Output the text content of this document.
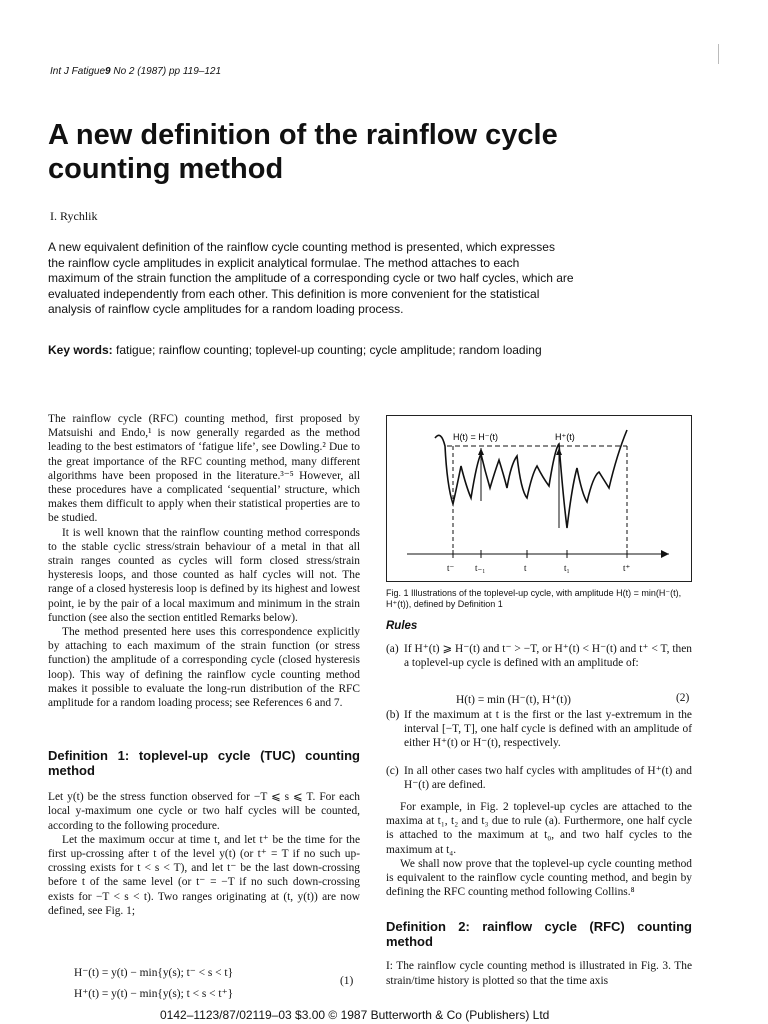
Int J Fatigue9 No 2 (1987) pp 119–121
A new definition of the rainflow cycle counting method
I. Rychlik

A new equivalent definition of the rainflow cycle counting method is presented, which expresses the rainflow cycle amplitudes in explicit analytical formulae. The method attaches to each maximum of the strain function the amplitude of a corresponding cycle or two half cycles, which are evaluated independently from each other. This definition is more convenient for the statistical analysis of rainflow cycle amplitudes for a random loading process.

Key words: fatigue; rainflow counting; toplevel-up counting; cycle amplitude; random loading

The rainflow cycle (RFC) counting method, first proposed by Matsuishi and Endo,¹ is now generally regarded as the method leading to the best estimators of ‘fatigue life’, see Dowling.² Due to the great importance of the RFC counting method, many different algorithms have been proposed in the literature.³⁻⁵ However, all these procedures have a complicated ‘sequential’ structure, which makes them difficult to apply when their statistical properties are to be studied.

It is well known that the rainflow counting method corresponds to the stable cyclic stress/strain behaviour of a metal in that all strain ranges counted as cycles will form closed stress/strain hysteresis loops, and those counted as half cycles will not. The range of a closed hysteresis loop is defined by its highest and lowest point, ie by the pair of a local maximum and minimum in the strain function (see also the section entitled Remarks below).

The method presented here uses this correspondence explicitly by attaching to each maximum of the strain function (or stress function) the amplitude of a corresponding cycle (closed hysteresis loop). This way of defining the rainflow cycle counting method makes it possible to evaluate the long-run distribution of the RFC amplitude for a random loading process; see References 6 and 7.

Definition 1: toplevel-up cycle (TUC) counting method

Let y(t) be the stress function observed for −T ⩽ s ⩽ T. For each local y-maximum one cycle or two half cycles will be counted, according to the following procedure.

Let the maximum occur at time t, and let t⁺ be the time for the first up-crossing after t of the level y(t) (or t⁺ = T if no such up-crossing exists for t < s < T), and let t⁻ be the last down-crossing before t of the same level (or t⁻ = −T if no such down-crossing exists for −T < s < t). Two ranges originating at (t, y(t)) are now defined, see Fig. 1;

H⁻(t) = y(t) − min{y(s); t⁻ < s < t}
H⁺(t) = y(t) − min{y(s); t < s < t⁺}
(1)
H(t) = H⁻(t)	H⁺(t)
t⁻ t₋₁	t	t₁	t⁺

Fig. 1 Illustrations of the toplevel-up cycle, with amplitude H(t) = min(H⁻(t), H⁺(t)), defined by Definition 1

Rules
(a) If H⁺(t) ⩾ H⁻(t) and t⁻ > −T, or H⁺(t) < H⁻(t) and t⁺ < T, then a toplevel-up cycle is defined with an amplitude of:
H(t) = min (H⁻(t), H⁺(t))	(2)
(b) If the maximum at t is the first or the last y-extremum in the interval [−T, T], one half cycle is defined with an amplitude of either H⁺(t) or H⁻(t), respectively.
(c) In all other cases two half cycles with amplitudes of H⁺(t) and H⁻(t) are defined.

For example, in Fig. 2 toplevel-up cycles are attached to the maxima at t₁, t₂ and t₃ due to rule (a). Furthermore, one half cycle is attached to the maximum at t₀, and two half cycles to the maximum at t₄.

We shall now prove that the toplevel-up cycle counting method is equivalent to the rainflow cycle counting method, and begin by defining the RFC counting method following Collins.⁸

Definition 2: rainflow cycle (RFC) counting method

I: The rainflow cycle counting method is illustrated in Fig. 3. The strain/time history is plotted so that the time axis

0142–1123/87/02119–03 $3.00 © 1987 Butterworth & Co (Publishers) Ltd
